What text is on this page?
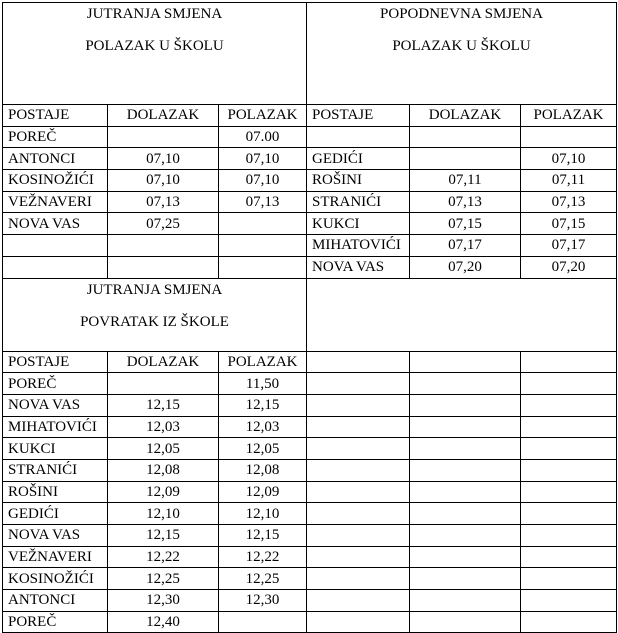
JUTRANJA SMJENA
POLAZAK U ŠKOLU			POPODNEVNA SMJENA
POLAZAK U ŠKOLU		

POSTAJE	DOLAZAK	POLAZAK	POSTAJE	DOLAZAK	POLAZAK
POREČ		07.00			
ANTONCI	07,10	07,10	GEDIĆI		07,10
KOSINOŽIĆI	07,10	07,10	ROŠINI	07,11	07,11
VEŽNAVERI	07,13	07,13	STRANIĆI	07,13	07,13
NOVA VAS	07,25		KUKCI	07,15	07,15
			MIHATOVIĆI	07,17	07,17
			NOVA VAS	07,20	07,20

JUTRANJA SMJENA
POVRATAK IZ ŠKOLE					

POSTAJE	DOLAZAK	POLAZAK			
POREČ		11,50			
NOVA VAS	12,15	12,15			
MIHATOVIĆI	12,03	12,03			
KUKCI	12,05	12,05			
STRANIĆI	12,08	12,08			
ROŠINI	12,09	12,09			
GEDIĆI	12,10	12,10			
NOVA VAS	12,15	12,15			
VEŽNAVERI	12,22	12,22			
KOSINOŽIĆI	12,25	12,25			
ANTONCI	12,30	12,30			
POREČ	12,40				
